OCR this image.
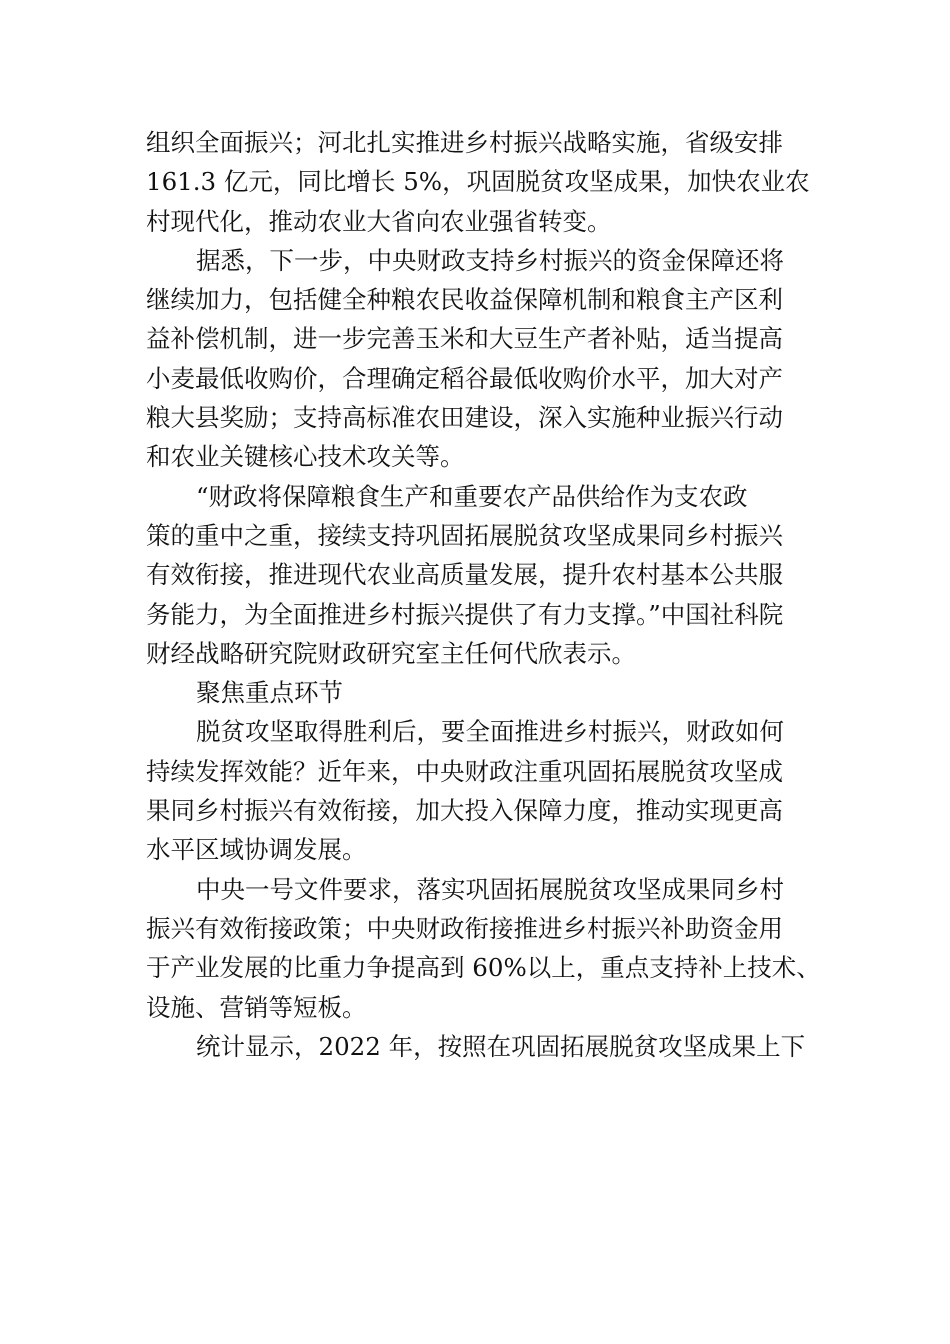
组织全面振兴；河北扎实推进乡村振兴战略实施，省级安排
161.3 亿元，同比增长 5%，巩固脱贫攻坚成果，加快农业农
村现代化，推动农业大省向农业强省转变。
据悉，下一步，中央财政支持乡村振兴的资金保障还将
继续加力，包括健全种粮农民收益保障机制和粮食主产区利
益补偿机制，进一步完善玉米和大豆生产者补贴，适当提高
小麦最低收购价，合理确定稻谷最低收购价水平，加大对产
粮大县奖励；支持高标准农田建设，深入实施种业振兴行动
和农业关键核心技术攻关等。
“财政将保障粮食生产和重要农产品供给作为支农政
策的重中之重，接续支持巩固拓展脱贫攻坚成果同乡村振兴
有效衔接，推进现代农业高质量发展，提升农村基本公共服
务能力，为全面推进乡村振兴提供了有力支撑。”中国社科院
财经战略研究院财政研究室主任何代欣表示。
聚焦重点环节
脱贫攻坚取得胜利后，要全面推进乡村振兴，财政如何
持续发挥效能？近年来，中央财政注重巩固拓展脱贫攻坚成
果同乡村振兴有效衔接，加大投入保障力度，推动实现更高
水平区域协调发展。
中央一号文件要求，落实巩固拓展脱贫攻坚成果同乡村
振兴有效衔接政策；中央财政衔接推进乡村振兴补助资金用
于产业发展的比重力争提高到 60%以上，重点支持补上技术、
设施、营销等短板。
统计显示，2022 年，按照在巩固拓展脱贫攻坚成果上下
